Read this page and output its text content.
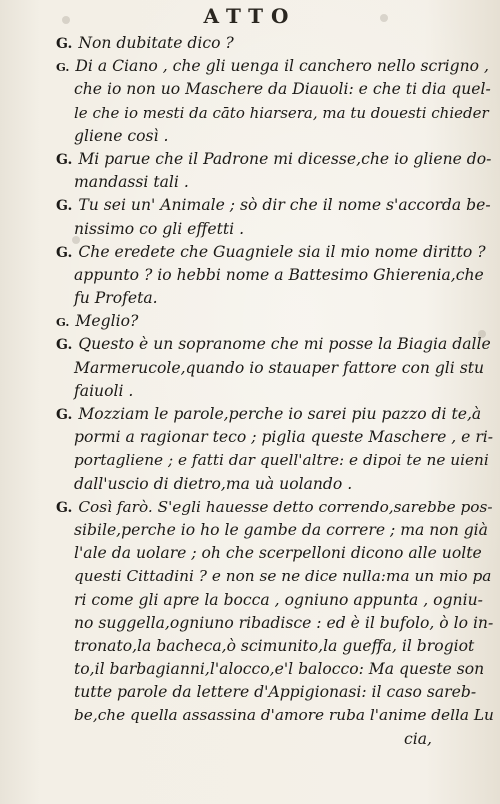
ATTO
G. Non dubitate dico ?
G. Di a Ciano , che gli uenga il canchero nello scrigno ,
che io non uo Maschere da Diauoli: e che ti dia quel-
le che io mesti da cāto hiarsera, ma tu douesti chieder
gliene così .
G. Mi parue che il Padrone mi dicesse,che io gliene do-
mandassi tali .
G. Tu sei un' Animale ; sò dir che il nome s'accorda be-
nissimo co gli effetti .
G. Che eredete che Guagniele sia il mio nome diritto ?
appunto ? io hebbi nome a Battesimo Ghierenia,che
fu Profeta.
G. Meglio?
G. Questo è un sopranome che mi posse la Biagia dalle
Marmerucole,quando io stauaper fattore con gli stu
faiuoli .
G. Mozziam le parole,perche io sarei piu pazzo di te,à
pormi a ragionar teco ; piglia queste Maschere , e ri-
portagliene ; e fatti dar quell'altre: e dipoi te ne uieni
dall'uscio di dietro,ma uà uolando .
G. Così farò. S'egli hauesse detto correndo,sarebbe pos-
sibile,perche io ho le gambe da correre ; ma non già
l'ale da uolare ; oh che scerpelloni dicono alle uolte
questi Cittadini ? e non se ne dice nulla:ma un mio pa
ri come gli apre la bocca , ogniuno appunta , ogniu-
no suggella,ogniuno ribadisce : ed è il bufolo, ò lo in-
tronato,la bacheca,ò scimunito,la gueffa, il brogiot
to,il barbagianni,l'alocco,e'l balocco: Ma queste son
tutte parole da lettere d'Appigionasi: il caso sareb-
be,che quella assassina d'amore ruba l'anime della Lu
cia,
